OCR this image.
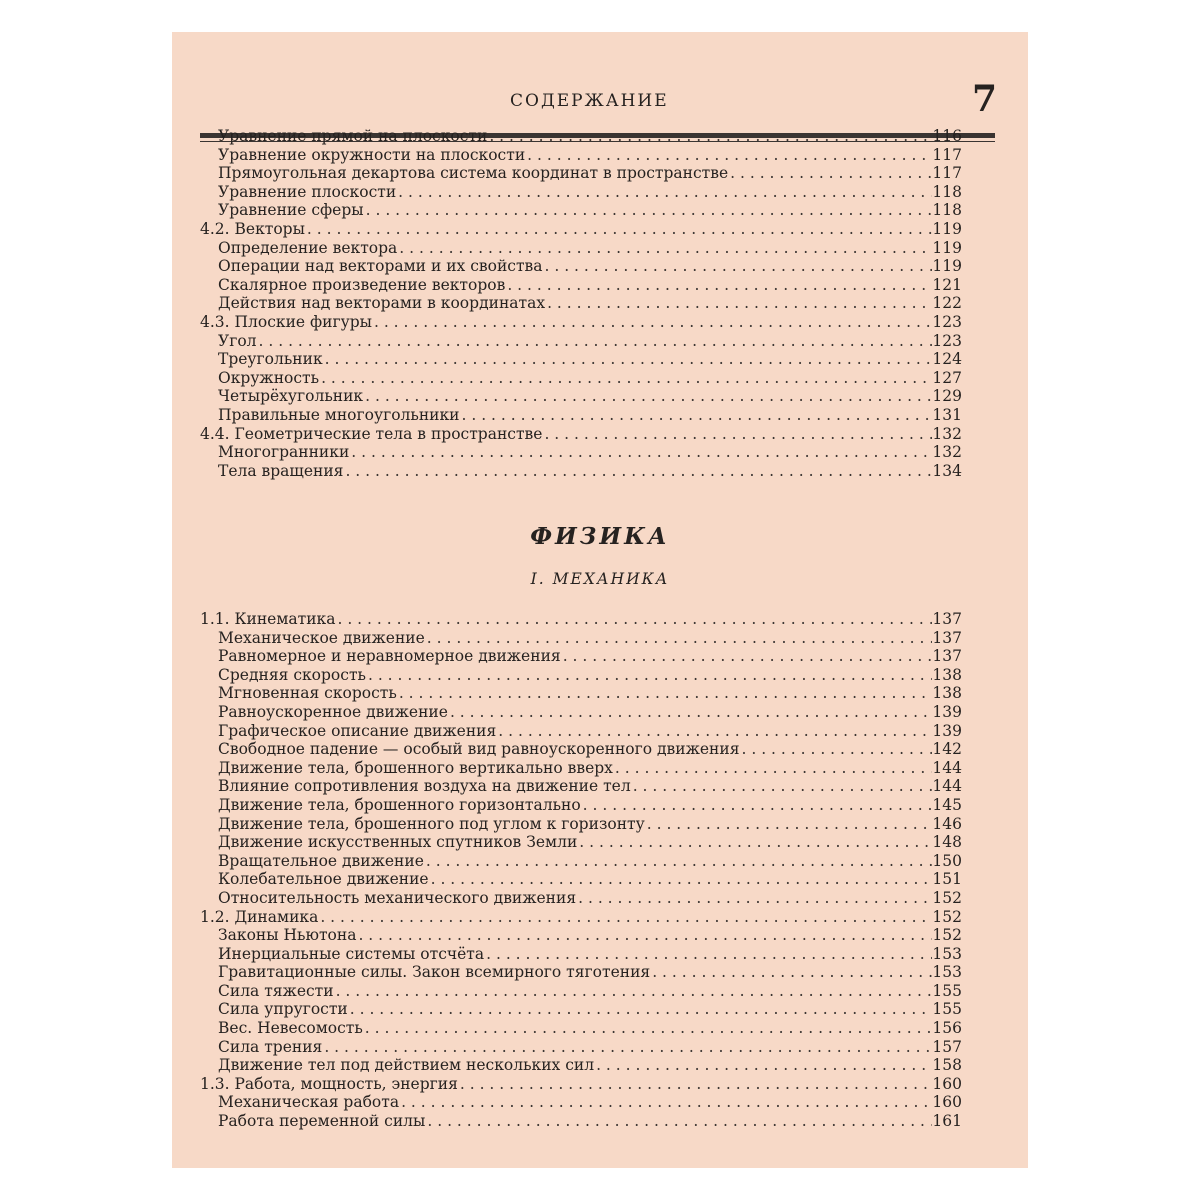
СОДЕРЖАНИЕ	7
Уравнение прямой на плоскости . . .	116
Уравнение окружности на плоскости . . .	117
Прямоугольная декартова система координат в пространстве . . .	117
Уравнение плоскости . . .	118
Уравнение сферы . . .	118
4.2. Векторы . . .	119
Определение вектора . . .	119
Операции над векторами и их свойства . . .	119
Скалярное произведение векторов . . .	121
Действия над векторами в координатах . . .	122
4.3. Плоские фигуры . . .	123
Угол . . .	123
Треугольник . . .	124
Окружность . . .	127
Четырёхугольник . . .	129
Правильные многоугольники . . .	131
4.4. Геометрические тела в пространстве . . .	132
Многогранники . . .	132
Тела вращения . . .	134
ФИЗИКА
I. МЕХАНИКА
1.1. Кинематика . . .	137
Механическое движение . . .	137
Равномерное и неравномерное движения . . .	137
Средняя скорость . . .	138
Мгновенная скорость . . .	138
Равноускоренное движение . . .	139
Графическое описание движения . . .	139
Свободное падение — особый вид равноускоренного движения . . .	142
Движение тела, брошенного вертикально вверх . . .	144
Влияние сопротивления воздуха на движение тел . . .	144
Движение тела, брошенного горизонтально . . .	145
Движение тела, брошенного под углом к горизонту . . .	146
Движение искусственных спутников Земли . . .	148
Вращательное движение . . .	150
Колебательное движение . . .	151
Относительность механического движения . . .	152
1.2. Динамика . . .	152
Законы Ньютона . . .	152
Инерциальные системы отсчёта . . .	153
Гравитационные силы. Закон всемирного тяготения . . .	153
Сила тяжести . . .	155
Сила упругости . . .	155
Вес. Невесомость . . .	156
Сила трения . . .	157
Движение тел под действием нескольких сил . . .	158
1.3. Работа, мощность, энергия . . .	160
Механическая работа . . .	160
Работа переменной силы . . .	161
